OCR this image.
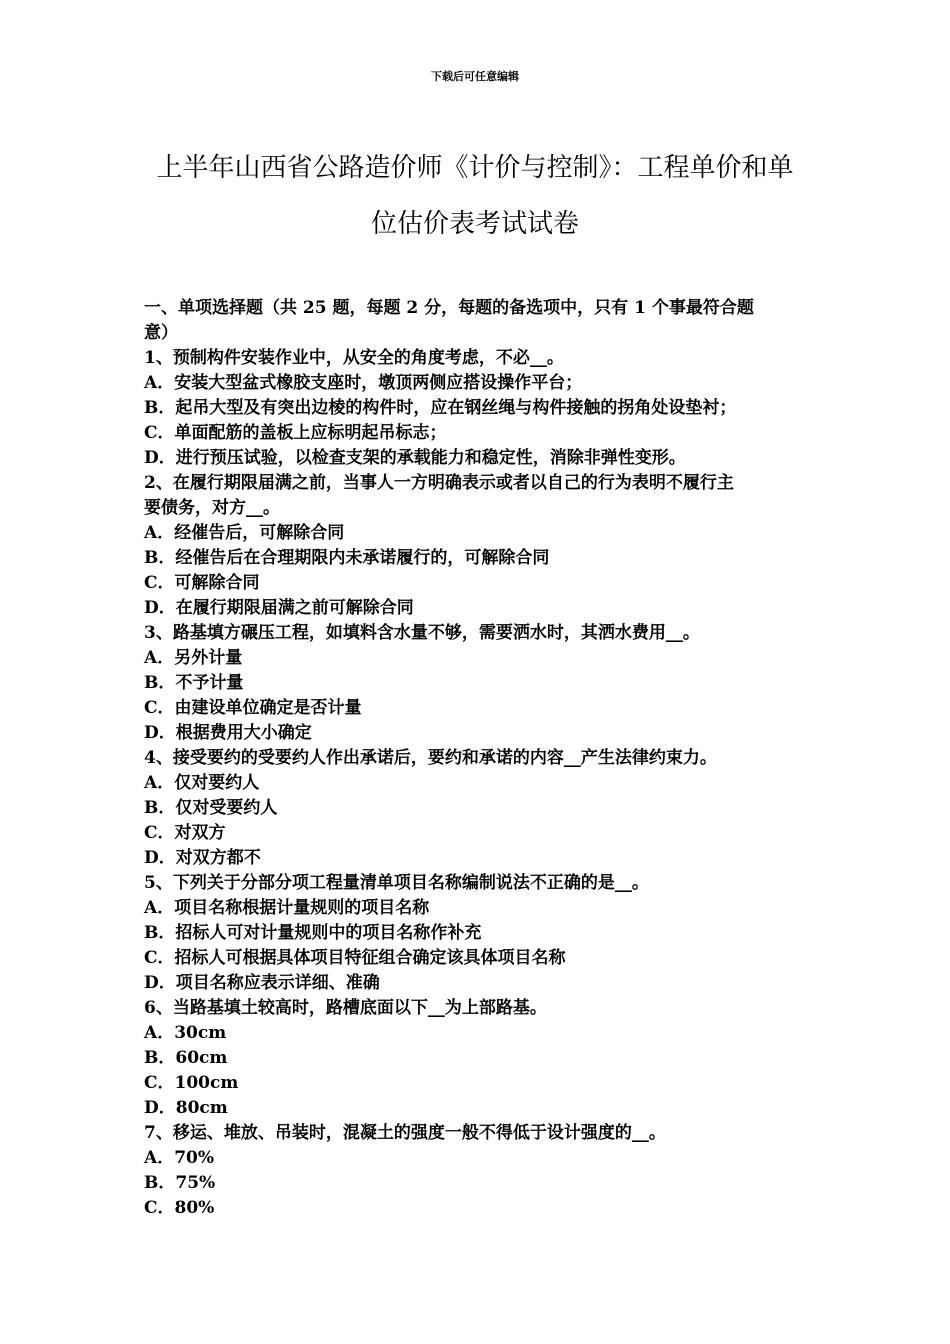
下载后可任意编辑
上半年山西省公路造价师《计价与控制》：工程单价和单
位估价表考试试卷
一、单项选择题（共 25 题，每题 2 分，每题的备选项中，只有 1 个事最符合题
意）
1、预制构件安装作业中，从安全的角度考虑，不必__。
A．安装大型盆式橡胶支座时，墩顶两侧应搭设操作平台；
B．起吊大型及有突出边棱的构件时，应在钢丝绳与构件接触的拐角处设垫衬；
C．单面配筋的盖板上应标明起吊标志；
D．进行预压试验，以检查支架的承载能力和稳定性，消除非弹性变形。
2、在履行期限届满之前，当事人一方明确表示或者以自己的行为表明不履行主
要债务，对方__。
A．经催告后，可解除合同
B．经催告后在合理期限内未承诺履行的，可解除合同
C．可解除合同
D．在履行期限届满之前可解除合同
3、路基填方碾压工程，如填料含水量不够，需要洒水时，其洒水费用__。
A．另外计量
B．不予计量
C．由建设单位确定是否计量
D．根据费用大小确定
4、接受要约的受要约人作出承诺后，要约和承诺的内容__产生法律约束力。
A．仅对要约人
B．仅对受要约人
C．对双方
D．对双方都不
5、下列关于分部分项工程量清单项目名称编制说法不正确的是__。
A．项目名称根据计量规则的项目名称
B．招标人可对计量规则中的项目名称作补充
C．招标人可根据具体项目特征组合确定该具体项目名称
D．项目名称应表示详细、准确
6、当路基填土较高时，路槽底面以下__为上部路基。
A．30cm
B．60cm
C．100cm
D．80cm
7、移运、堆放、吊装时，混凝土的强度一般不得低于设计强度的__。
A．70%
B．75%
C．80%
